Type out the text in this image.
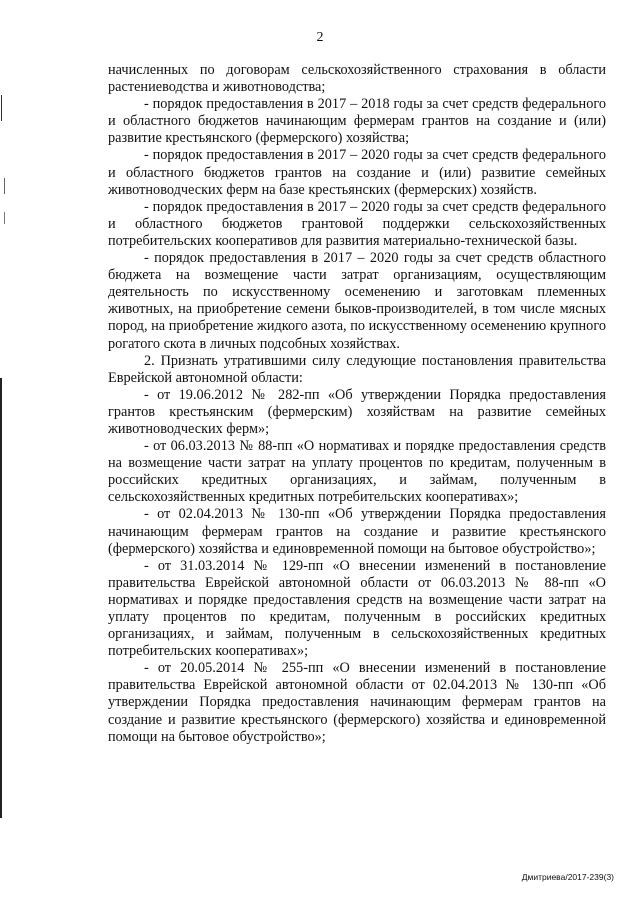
2

начисленных по договорам сельскохозяйственного страхования в области растениеводства и животноводства;

- порядок предоставления в 2017 – 2018 годы за счет средств федерального и областного бюджетов начинающим фермерам грантов на создание и (или) развитие крестьянского (фермерского) хозяйства;

- порядок предоставления в 2017 – 2020 годы за счет средств федерального и областного бюджетов грантов на создание и (или) развитие семейных животноводческих ферм на базе крестьянских (фермерских) хозяйств.

- порядок предоставления в 2017 – 2020 годы за счет средств федерального и областного бюджетов грантовой поддержки сельскохозяйственных потребительских кооперативов для развития материально-технической базы.

- порядок предоставления в 2017 – 2020 годы за счет средств областного бюджета на возмещение части затрат организациям, осуществляющим деятельность по искусственному осеменению и заготовкам племенных животных, на приобретение семени быков-производителей, в том числе мясных пород, на приобретение жидкого азота, по искусственному осеменению крупного рогатого скота в личных подсобных хозяйствах.

2. Признать утратившими силу следующие постановления правительства Еврейской автономной области:

- от 19.06.2012 № 282-пп «Об утверждении Порядка предоставления грантов крестьянским (фермерским) хозяйствам на развитие семейных животноводческих ферм»;

- от 06.03.2013 № 88-пп «О нормативах и порядке предоставления средств на возмещение части затрат на уплату процентов по кредитам, полученным в российских кредитных организациях, и займам, полученным в сельскохозяйственных кредитных потребительских кооперативах»;

- от 02.04.2013 № 130-пп «Об утверждении Порядка предоставления начинающим фермерам грантов на создание и развитие крестьянского (фермерского) хозяйства и единовременной помощи на бытовое обустройство»;

- от 31.03.2014 № 129-пп «О внесении изменений в постановление правительства Еврейской автономной области от 06.03.2013 № 88-пп «О нормативах и порядке предоставления средств на возмещение части затрат на уплату процентов по кредитам, полученным в российских кредитных организациях, и займам, полученным в сельскохозяйственных кредитных потребительских кооперативах»;

- от 20.05.2014 № 255-пп «О внесении изменений в постановление правительства Еврейской автономной области от 02.04.2013 № 130-пп «Об утверждении Порядка предоставления начинающим фермерам грантов на создание и развитие крестьянского (фермерского) хозяйства и единовременной помощи на бытовое обустройство»;

Дмитриева/2017-239(3)
